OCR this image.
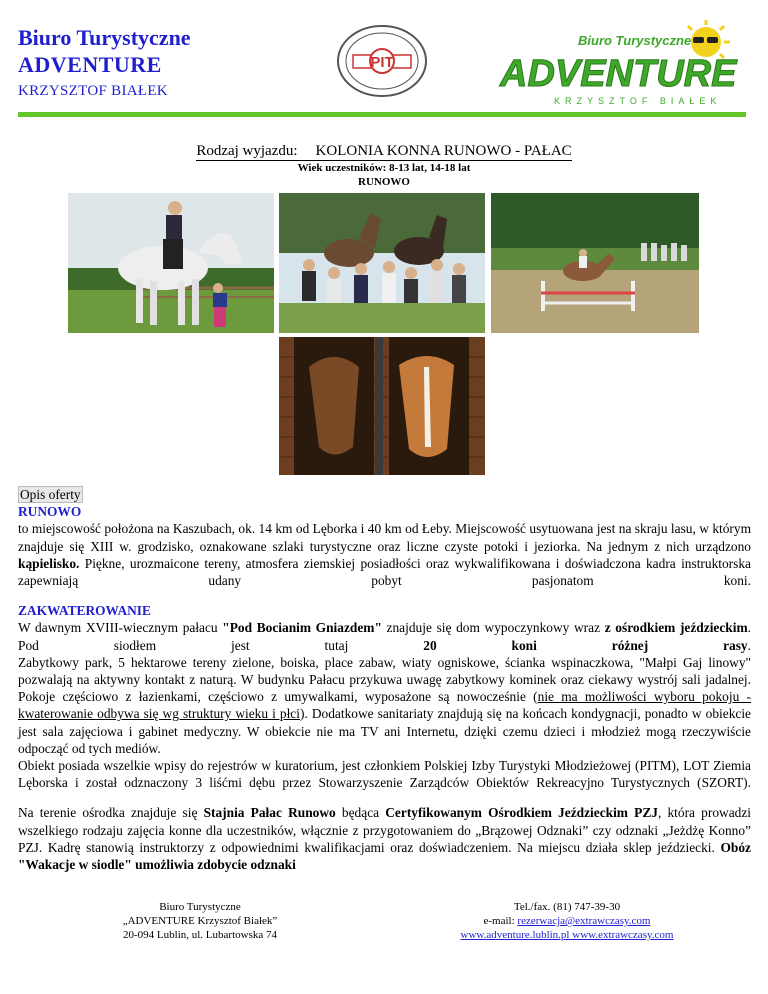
Biuro Turystyczne
ADVENTURE
KRZYSZTOF BIAŁEK
PIT
Biuro Turystyczne
ADVENTURE
KRZYSZTOF BIAŁEK
Rodzaj wyjazdu: KOLONIA KONNA RUNOWO - PAŁAC
Wiek uczestników: 8-13 lat, 14-18 lat
RUNOWO
Opis oferty
RUNOWO

to miejscowość położona na Kaszubach, ok. 14 km od Lęborka i 40 km od Łeby. Miejscowość usytuowana jest na skraju lasu, w którym znajduje się XIII w. grodzisko, oznakowane szlaki turystyczne oraz liczne czyste potoki i jeziorka. Na jednym z nich urządzono kąpielisko. Piękne, urozmaicone tereny, atmosfera ziemskiej posiadłości oraz wykwalifikowana i doświadczona kadra instruktorska zapewniają udany pobyt pasjonatom koni.

ZAKWATEROWANIE

W dawnym XVIII-wiecznym pałacu "Pod Bocianim Gniazdem" znajduje się dom wypoczynkowy wraz z ośrodkiem jeździeckim. Pod siodłem jest tutaj 20 koni różnej rasy.

Zabytkowy park, 5 hektarowe tereny zielone, boiska, place zabaw, wiaty ogniskowe, ścianka wspinaczkowa, "Małpi Gaj linowy" pozwalają na aktywny kontakt z naturą. W budynku Pałacu przykuwa uwagę zabytkowy kominek oraz ciekawy wystrój sali jadalnej. Pokoje częściowo z łazienkami, częściowo z umywalkami, wyposażone są nowocześnie (nie ma możliwości wyboru pokoju - kwaterowanie odbywa się wg struktury wieku i płci). Dodatkowe sanitariaty znajdują się na końcach kondygnacji, ponadto w obiekcie jest sala zajęciowa i gabinet medyczny. W obiekcie nie ma TV ani Internetu, dzięki czemu dzieci i młodzież mogą rzeczywiście odpocząć od tych mediów.

Obiekt posiada wszelkie wpisy do rejestrów w kuratorium, jest członkiem Polskiej Izby Turystyki Młodzieżowej (PITM), LOT Ziemia Lęborska i został odznaczony 3 liśćmi dębu przez Stowarzyszenie Zarządców Obiektów Rekreacyjno Turystycznych (SZORT).

Na terenie ośrodka znajduje się Stajnia Pałac Runowo będąca Certyfikowanym Ośrodkiem Jeździeckim PZJ, która prowadzi wszelkiego rodzaju zajęcia konne dla uczestników, włącznie z przygotowaniem do „Brązowej Odznaki” czy odznaki „Jeżdżę Konno” PZJ. Kadrę stanowią instruktorzy z odpowiednimi kwalifikacjami oraz doświadczeniem. Na miejscu działa sklep jeździecki. Obóz "Wakacje w siodle" umożliwia zdobycie odznaki

Biuro Turystyczne
„ADVENTURE Krzysztof Białek”
20-094 Lublin, ul. Lubartowska 74
Tel./fax. (81) 747-39-30
e-mail: rezerwacja@extrawczasy.com
www.adventure.lublin.pl www.extrawczasy.com
